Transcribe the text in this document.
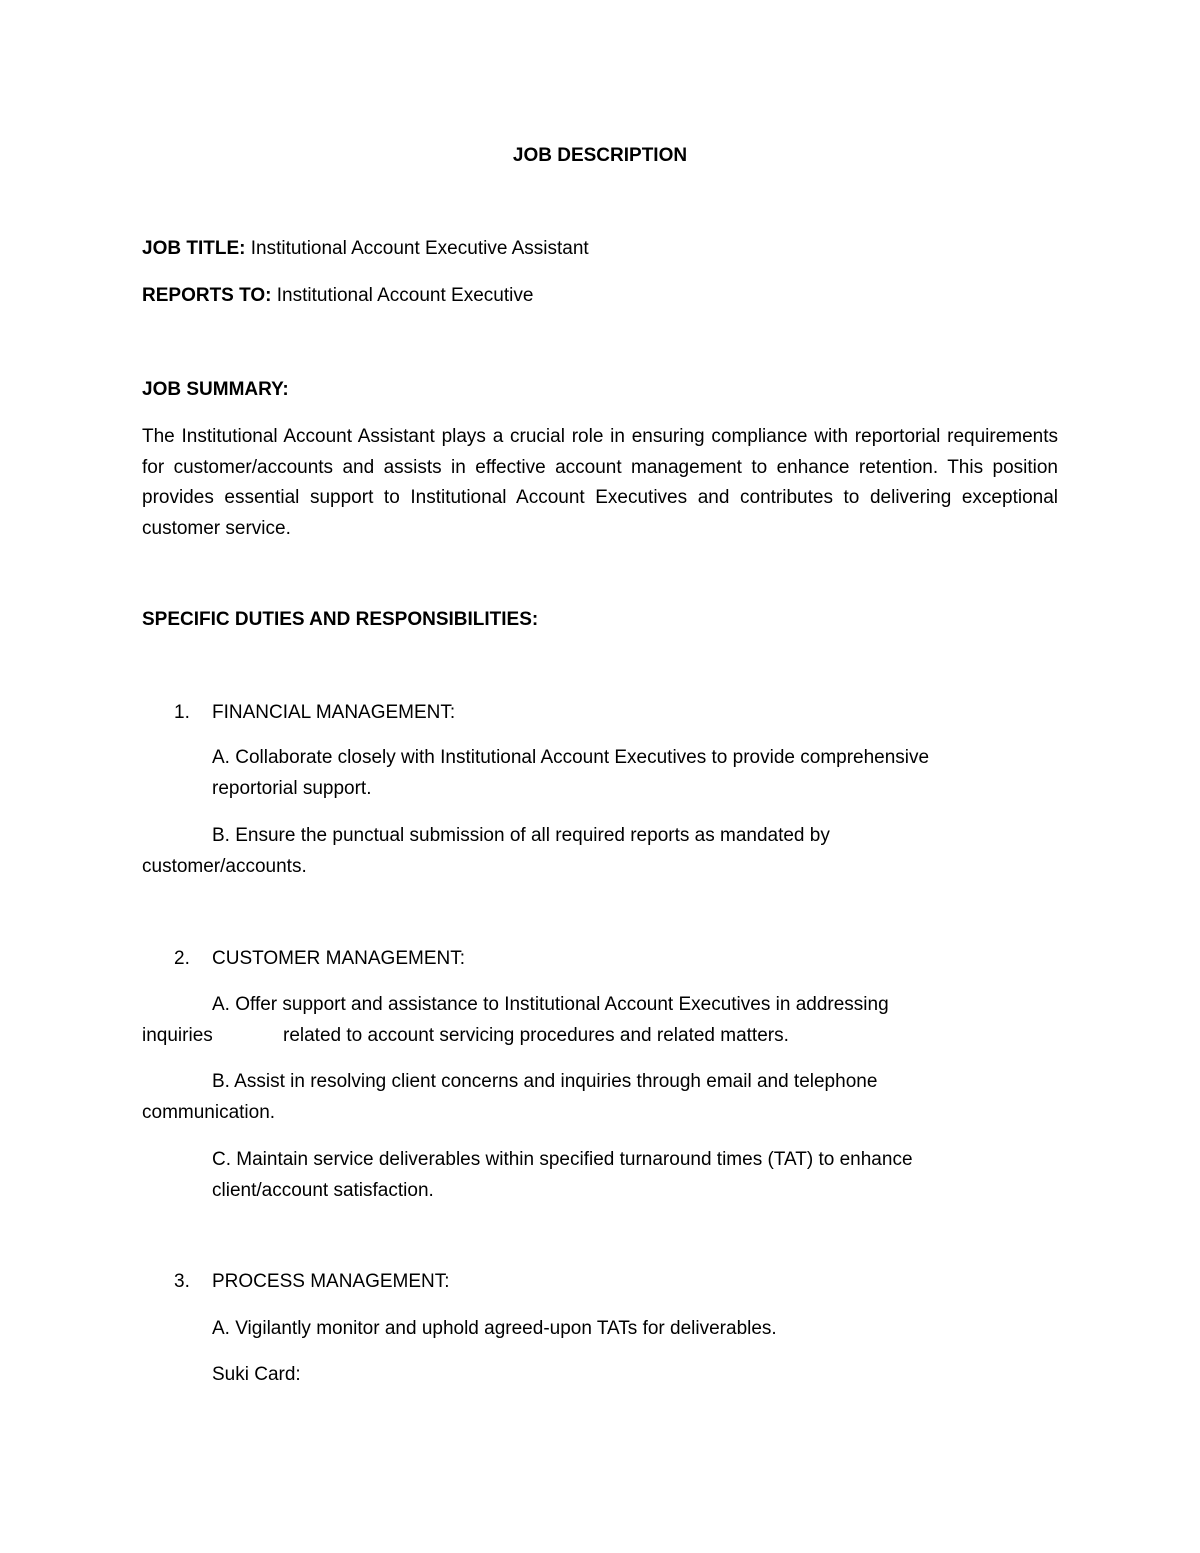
JOB DESCRIPTION
JOB TITLE: Institutional Account Executive Assistant
REPORTS TO: Institutional Account Executive
JOB SUMMARY:
The Institutional Account Assistant plays a crucial role in ensuring compliance with reportorial requirements for customer/accounts and assists in effective account management to enhance retention. This position provides essential support to Institutional Account Executives and contributes to delivering exceptional customer service.
SPECIFIC DUTIES AND RESPONSIBILITIES:
1.	FINANCIAL MANAGEMENT:
A. Collaborate closely with Institutional Account Executives to provide comprehensive
reportorial support.
B. Ensure the punctual submission of all required reports as mandated by
customer/accounts.
2.	CUSTOMER MANAGEMENT:
A. Offer support and assistance to Institutional Account Executives in addressing
inquiries	related to account servicing procedures and related matters.
B. Assist in resolving client concerns and inquiries through email and telephone
communication.
C. Maintain service deliverables within specified turnaround times (TAT) to enhance
client/account satisfaction.
3.	PROCESS MANAGEMENT:
A. Vigilantly monitor and uphold agreed-upon TATs for deliverables.
Suki Card:
